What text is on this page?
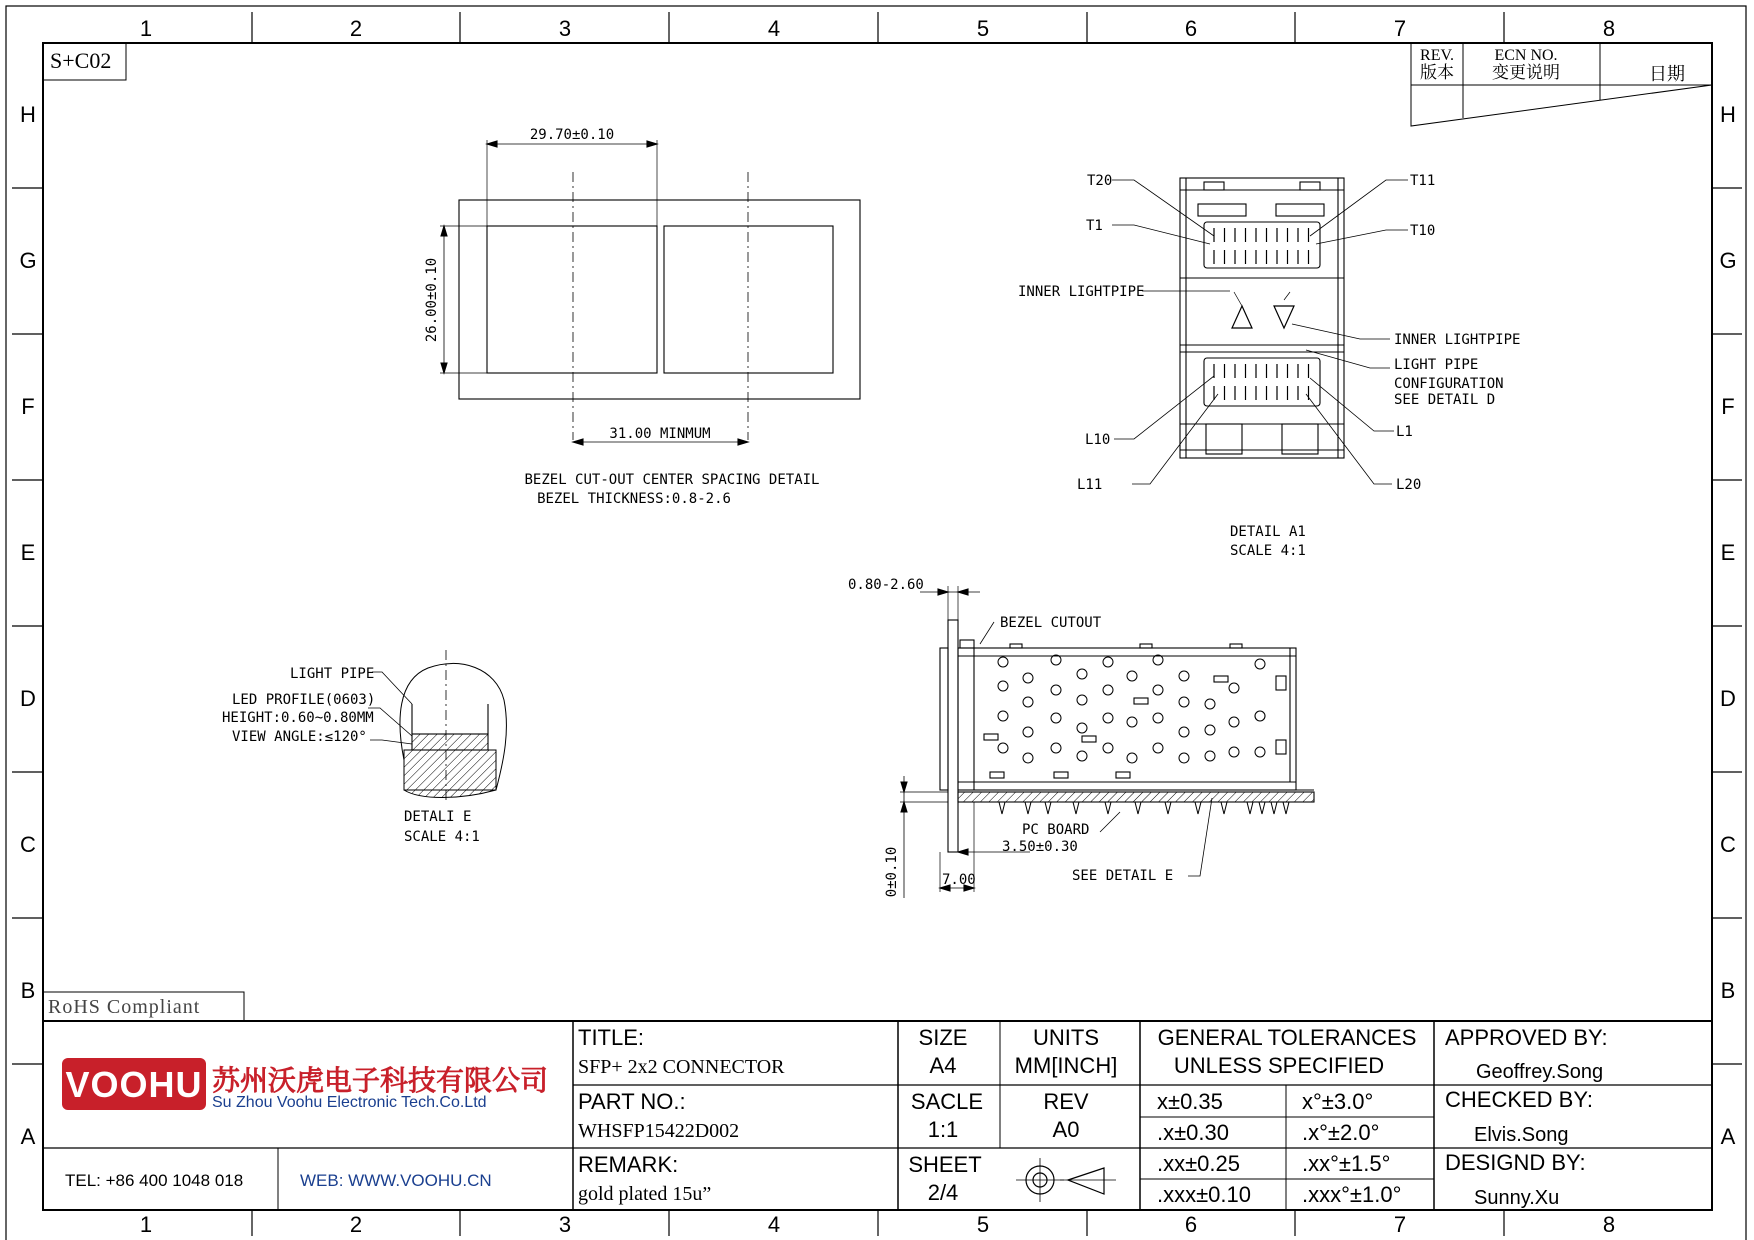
1	2	3	4	5	6	7	8
1	2	3	4	5	6	7	8
H
G
F
E
D
C
B
A
H
G
F
E
D
C
B
A
S+C02	REV.
版本
ECN NO.
变更说明	日期
29.70±0.10
26.00±0.10
31.00 MINMUM
BEZEL CUT-OUT CENTER SPACING DETAIL
BEZEL THICKNESS:0.8-2.6
T20
T1
T11
T10
INNER LIGHTPIPE
INNER LIGHTPIPE
LIGHT PIPE
CONFIGURATION
SEE DETAIL D
L10	L1
L11	L20
DETAIL A1
SCALE 4:1
0.80-2.60
BEZEL CUTOUT
PC BOARD
3.50±0.30
7.00
0±0.10	SEE DETAIL E
LIGHT PIPE
LED PROFILE(0603)
HEIGHT:0.60~0.80MM
VIEW ANGLE:≤120°
DETALI E
SCALE 4:1
RoHS Compliant
VOOHU 苏州沃虎电子科技有限公司
Su Zhou Voohu Electronic Tech.Co.Ltd
TEL: +86 400 1048 018	WEB: WWW.VOOHU.CN
TITLE:
SFP+ 2x2 CONNECTOR
PART NO.:
WHSFP15422D002
REMARK:
gold plated 15u”
SIZE
A4
UNITS
MM[INCH]
SACLE
1:1
REV
A0
SHEET
2/4
GENERAL TOLERANCES
UNLESS SPECIFIED
x±0.35	x°±3.0°
.x±0.30	.x°±2.0°
.xx±0.25	.xx°±1.5°
.xxx±0.10 .xxx°±1.0°
APPROVED BY:
Geoffrey.Song
CHECKED BY:
Elvis.Song
DESIGND BY:
Sunny.Xu
